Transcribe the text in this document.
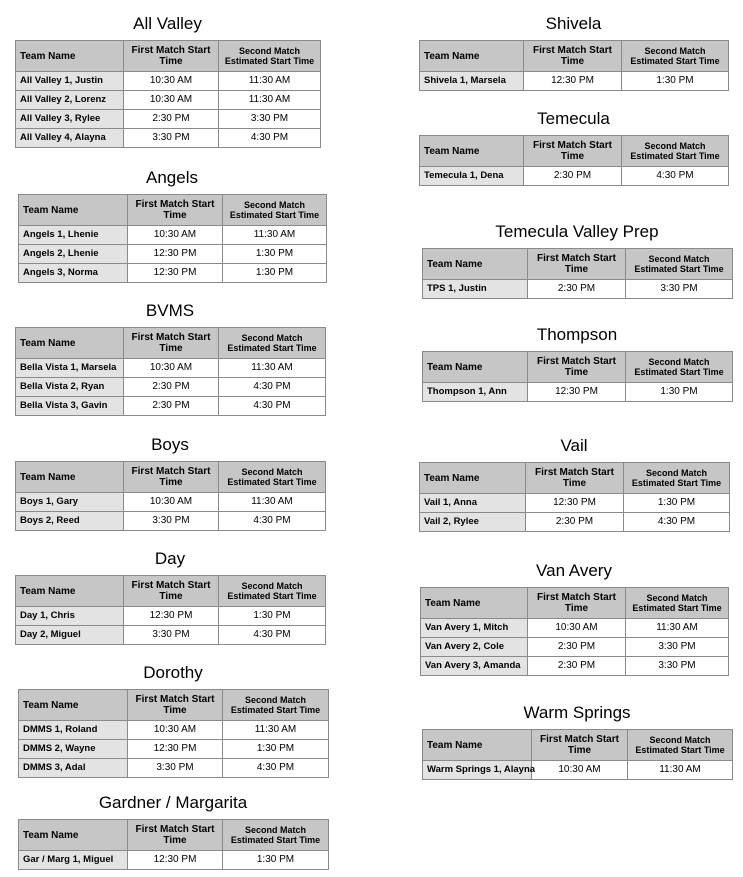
All Valley
Team Name	First Match Start Time	Second Match Estimated Start Time
All Valley 1, Justin	10:30 AM	11:30 AM
All Valley 2, Lorenz	10:30 AM	11:30 AM
All Valley 3, Rylee	2:30 PM	3:30 PM
All Valley 4, Alayna	3:30 PM	4:30 PM
Angels
Team Name	First Match Start Time	Second Match Estimated Start Time
Angels 1, Lhenie	10:30 AM	11:30 AM
Angels 2, Lhenie	12:30 PM	1:30 PM
Angels 3, Norma	12:30 PM	1:30 PM
BVMS
Team Name	First Match Start Time	Second Match Estimated Start Time
Bella Vista 1, Marsela	10:30 AM	11:30 AM
Bella Vista 2, Ryan	2:30 PM	4:30 PM
Bella Vista 3, Gavin	2:30 PM	4:30 PM
Boys
Team Name	First Match Start Time	Second Match Estimated Start Time
Boys 1, Gary	10:30 AM	11:30 AM
Boys 2, Reed	3:30 PM	4:30 PM
Day
Team Name	First Match Start Time	Second Match Estimated Start Time
Day 1, Chris	12:30 PM	1:30 PM
Day 2, Miguel	3:30 PM	4:30 PM
Dorothy
Team Name	First Match Start Time	Second Match Estimated Start Time
DMMS 1, Roland	10:30 AM	11:30 AM
DMMS 2, Wayne	12:30 PM	1:30 PM
DMMS 3, Adal	3:30 PM	4:30 PM
Gardner / Margarita
Team Name	First Match Start Time	Second Match Estimated Start Time
Gar / Marg 1, Miguel	12:30 PM	1:30 PM
Shivela
Team Name	First Match Start Time	Second Match Estimated Start Time
Shivela 1, Marsela	12:30 PM	1:30 PM
Temecula
Team Name	First Match Start Time	Second Match Estimated Start Time
Temecula 1, Dena	2:30 PM	4:30 PM
Temecula Valley Prep
Team Name	First Match Start Time	Second Match Estimated Start Time
TPS 1, Justin	2:30 PM	3:30 PM
Thompson
Team Name	First Match Start Time	Second Match Estimated Start Time
Thompson 1, Ann	12:30 PM	1:30 PM
Vail
Team Name	First Match Start Time	Second Match Estimated Start Time
Vail 1, Anna	12:30 PM	1:30 PM
Vail 2, Rylee	2:30 PM	4:30 PM
Van Avery
Team Name	First Match Start Time	Second Match Estimated Start Time
Van Avery 1, Mitch	10:30 AM	11:30 AM
Van Avery 2, Cole	2:30 PM	3:30 PM
Van Avery 3, Amanda	2:30 PM	3:30 PM
Warm Springs
Team Name	First Match Start Time	Second Match Estimated Start Time
Warm Springs 1, Alayna	10:30 AM	11:30 AM
